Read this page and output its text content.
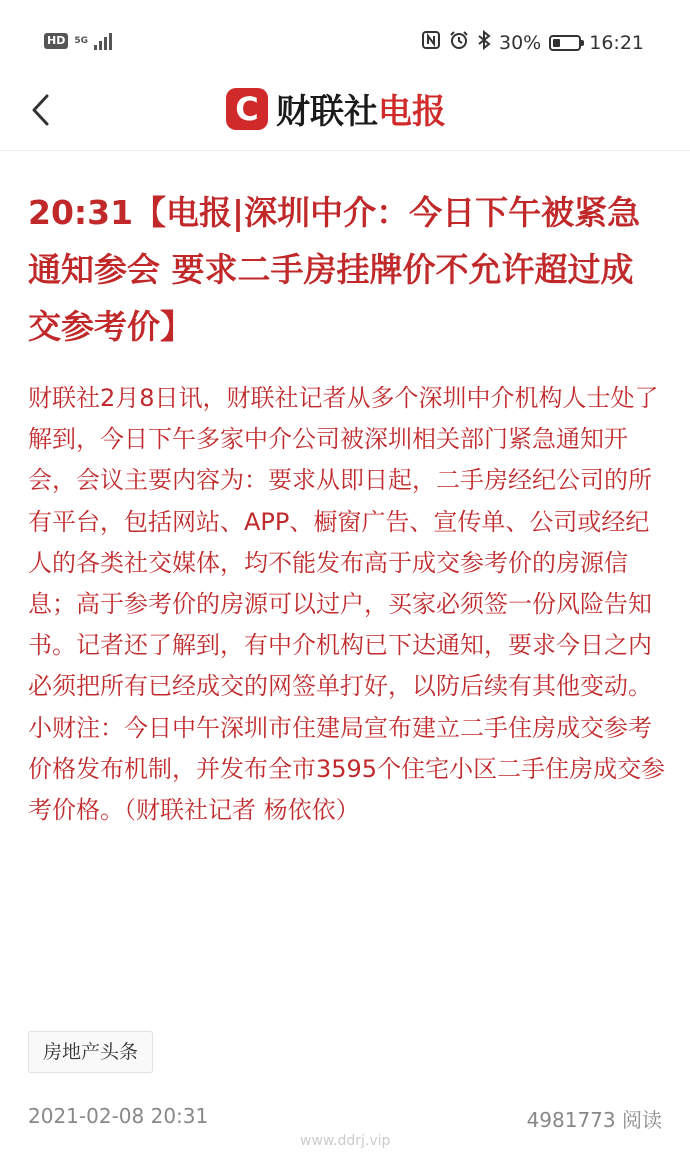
HD	5G	30%	16:21
C 财联社电报
20:31【电报|深圳中介：今日下午被紧急通知参会 要求二手房挂牌价不允许超过成交参考价】

财联社2月8日讯，财联社记者从多个深圳中介机构人士处了解到，今日下午多家中介公司被深圳相关部门紧急通知开会，会议主要内容为：要求从即日起，二手房经纪公司的所有平台，包括网站、APP、橱窗广告、宣传单、公司或经纪人的各类社交媒体，均不能发布高于成交参考价的房源信息；高于参考价的房源可以过户，买家必须签一份风险告知书。记者还了解到，有中介机构已下达通知，要求今日之内必须把所有已经成交的网签单打好，以防后续有其他变动。小财注：今日中午深圳市住建局宣布建立二手住房成交参考价格发布机制，并发布全市3595个住宅小区二手住房成交参考价格。（财联社记者 杨依依）

房地产头条
2021-02-08 20:31	4981773 阅读
www.ddrj.vip
